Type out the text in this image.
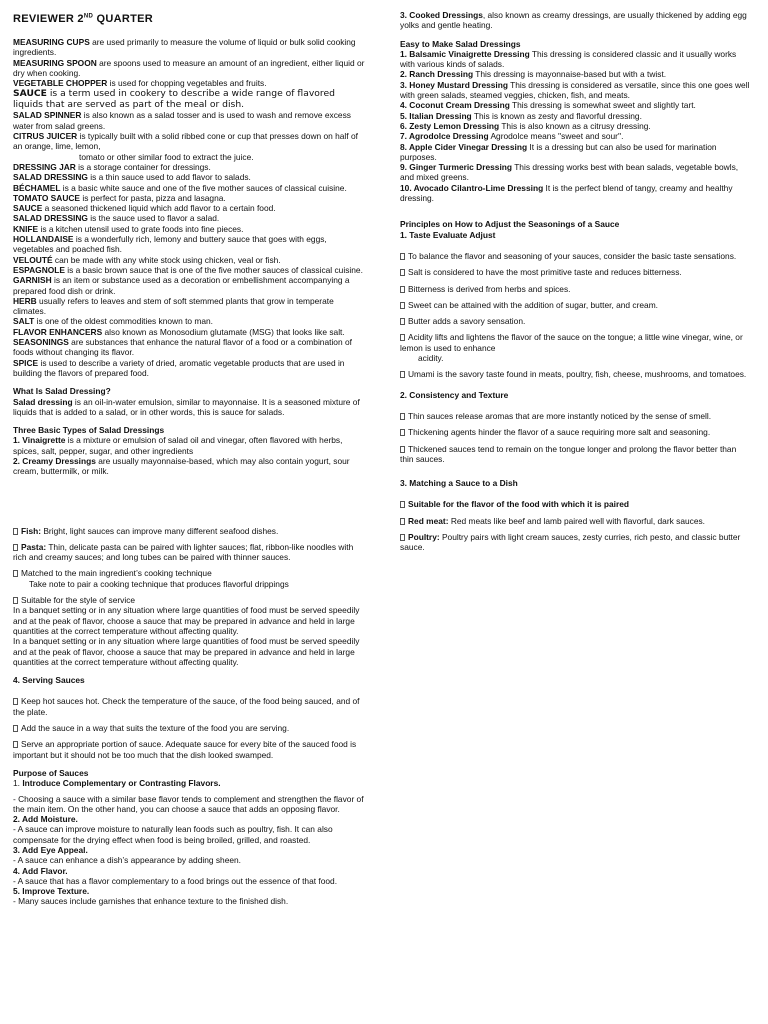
REVIEWER 2ND QUARTER

MEASURING CUPS are used primarily to measure the volume of liquid or bulk solid cooking ingredients.

MEASURING SPOON are spoons used to measure an amount of an ingredient, either liquid or dry when cooking.

VEGETABLE CHOPPER is used for chopping vegetables and fruits.

SAUCE is a term used in cookery to describe a wide range of flavored liquids that are served as part of the meal or dish.

SALAD SPINNER is also known as a salad tosser and is used to wash and remove excess water from salad greens.

CITRUS JUICER is typically built with a solid ribbed cone or cup that presses down on half of an orange, lime, lemon,

tomato or other similar food to extract the juice.

DRESSING JAR is a storage container for dressings.

SALAD DRESSING is a thin sauce used to add flavor to salads.

BÉCHAMEL is a basic white sauce and one of the five mother sauces of classical cuisine.

TOMATO SAUCE is perfect for pasta, pizza and lasagna.

SAUCE a seasoned thickened liquid which add flavor to a certain food.

SALAD DRESSING is the sauce used to flavor a salad.

KNIFE is a kitchen utensil used to grate foods into fine pieces.

HOLLANDAISE is a wonderfully rich, lemony and buttery sauce that goes with eggs, vegetables and poached fish.

VELOUTÉ can be made with any white stock using chicken, veal or fish.

ESPAGNOLE is a basic brown sauce that is one of the five mother sauces of classical cuisine.

GARNISH is an item or substance used as a decoration or embellishment accompanying a prepared food dish or drink.

HERB usually refers to leaves and stem of soft stemmed plants that grow in temperate climates.

SALT is one of the oldest commodities known to man.

FLAVOR ENHANCERS also known as Monosodium glutamate (MSG) that looks like salt.

SEASONINGS are substances that enhance the natural flavor of a food or a combination of foods without changing its flavor.

SPICE is used to describe a variety of dried, aromatic vegetable products that are used in building the flavors of prepared food.

What Is Salad Dressing?

Salad dressing is an oil-in-water emulsion, similar to mayonnaise. It is a seasoned mixture of liquids that is added to a salad, or in other words, this is sauce for salads.

Three Basic Types of Salad Dressings

1. Vinaigrette is a mixture or emulsion of salad oil and vinegar, often flavored with herbs, spices, salt, pepper, sugar, and other ingredients

2. Creamy Dressings are usually mayonnaise-based, which may also contain yogurt, sour cream, buttermilk, or milk.

Fish: Bright, light sauces can improve many different seafood dishes.

Pasta: Thin, delicate pasta can be paired with lighter sauces; flat, ribbon-like noodles with rich and creamy sauces; and long tubes can be paired with thinner sauces.

Matched to the main ingredient’s cooking technique

Take note to pair a cooking technique that produces flavorful drippings

Suitable for the style of service

In a banquet setting or in any situation where large quantities of food must be served speedily and at the peak of flavor, choose a sauce that may be prepared in advance and held in large quantities at the correct temperature without affecting quality.

In a banquet setting or in any situation where large quantities of food must be served speedily and at the peak of flavor, choose a sauce that may be prepared in advance and held in large quantities at the correct temperature without affecting quality.

4. Serving Sauces

Keep hot sauces hot. Check the temperature of the sauce, of the food being sauced, and of the plate.

Add the sauce in a way that suits the texture of the food you are serving.

Serve an appropriate portion of sauce. Adequate sauce for every bite of the sauced food is important but it should not be too much that the dish looked swamped.

Purpose of Sauces

1. Introduce Complementary or Contrasting Flavors.

- Choosing a sauce with a similar base flavor tends to complement and strengthen the flavor of the main item. On the other hand, you can choose a sauce that adds an opposing flavor.

2. Add Moisture.

- A sauce can improve moisture to naturally lean foods such as poultry, fish. It can also compensate for the drying effect when food is being broiled, grilled, and roasted.

3. Add Eye Appeal.

- A sauce can enhance a dish’s appearance by adding sheen.

4. Add Flavor.

- A sauce that has a flavor complementary to a food brings out the essence of that food.

5. Improve Texture.

- Many sauces include garnishes that enhance texture to the finished dish.

3. Cooked Dressings, also known as creamy dressings, are usually thickened by adding egg yolks and gentle heating.

Easy to Make Salad Dressings

1. Balsamic Vinaigrette Dressing This dressing is considered classic and it usually works with various kinds of salads.

2. Ranch Dressing This dressing is mayonnaise-based but with a twist.

3. Honey Mustard Dressing This dressing is considered as versatile, since this one goes well with green salads, steamed veggies, chicken, fish, and meats.

4. Coconut Cream Dressing This dressing is somewhat sweet and slightly tart.

5. Italian Dressing This is known as zesty and flavorful dressing.

6. Zesty Lemon Dressing This is also known as a citrusy dressing.

7. Agrodolce Dressing Agrodolce means ''sweet and sour''.

8. Apple Cider Vinegar Dressing It is a dressing but can also be used for marination purposes.

9. Ginger Turmeric Dressing This dressing works best with bean salads, vegetable bowls, and mixed greens.

10. Avocado Cilantro-Lime Dressing It is the perfect blend of tangy, creamy and healthy dressing.

Principles on How to Adjust the Seasonings of a Sauce

1. Taste Evaluate Adjust

To balance the flavor and seasoning of your sauces, consider the basic taste sensations.

Salt is considered to have the most primitive taste and reduces bitterness.

Bitterness is derived from herbs and spices.

Sweet can be attained with the addition of sugar, butter, and cream.

Butter adds a savory sensation.

Acidity lifts and lightens the flavor of the sauce on the tongue; a little wine vinegar, wine, or lemon is used to enhance

acidity.

Umami is the savory taste found in meats, poultry, fish, cheese, mushrooms, and tomatoes.

2. Consistency and Texture

Thin sauces release aromas that are more instantly noticed by the sense of smell.

Thickening agents hinder the flavor of a sauce requiring more salt and seasoning.

Thickened sauces tend to remain on the tongue longer and prolong the flavor better than thin sauces.

3. Matching a Sauce to a Dish

Suitable for the flavor of the food with which it is paired

Red meat: Red meats like beef and lamb paired well with flavorful, dark sauces.

Poultry: Poultry pairs with light cream sauces, zesty curries, rich pesto, and classic butter sauce.
